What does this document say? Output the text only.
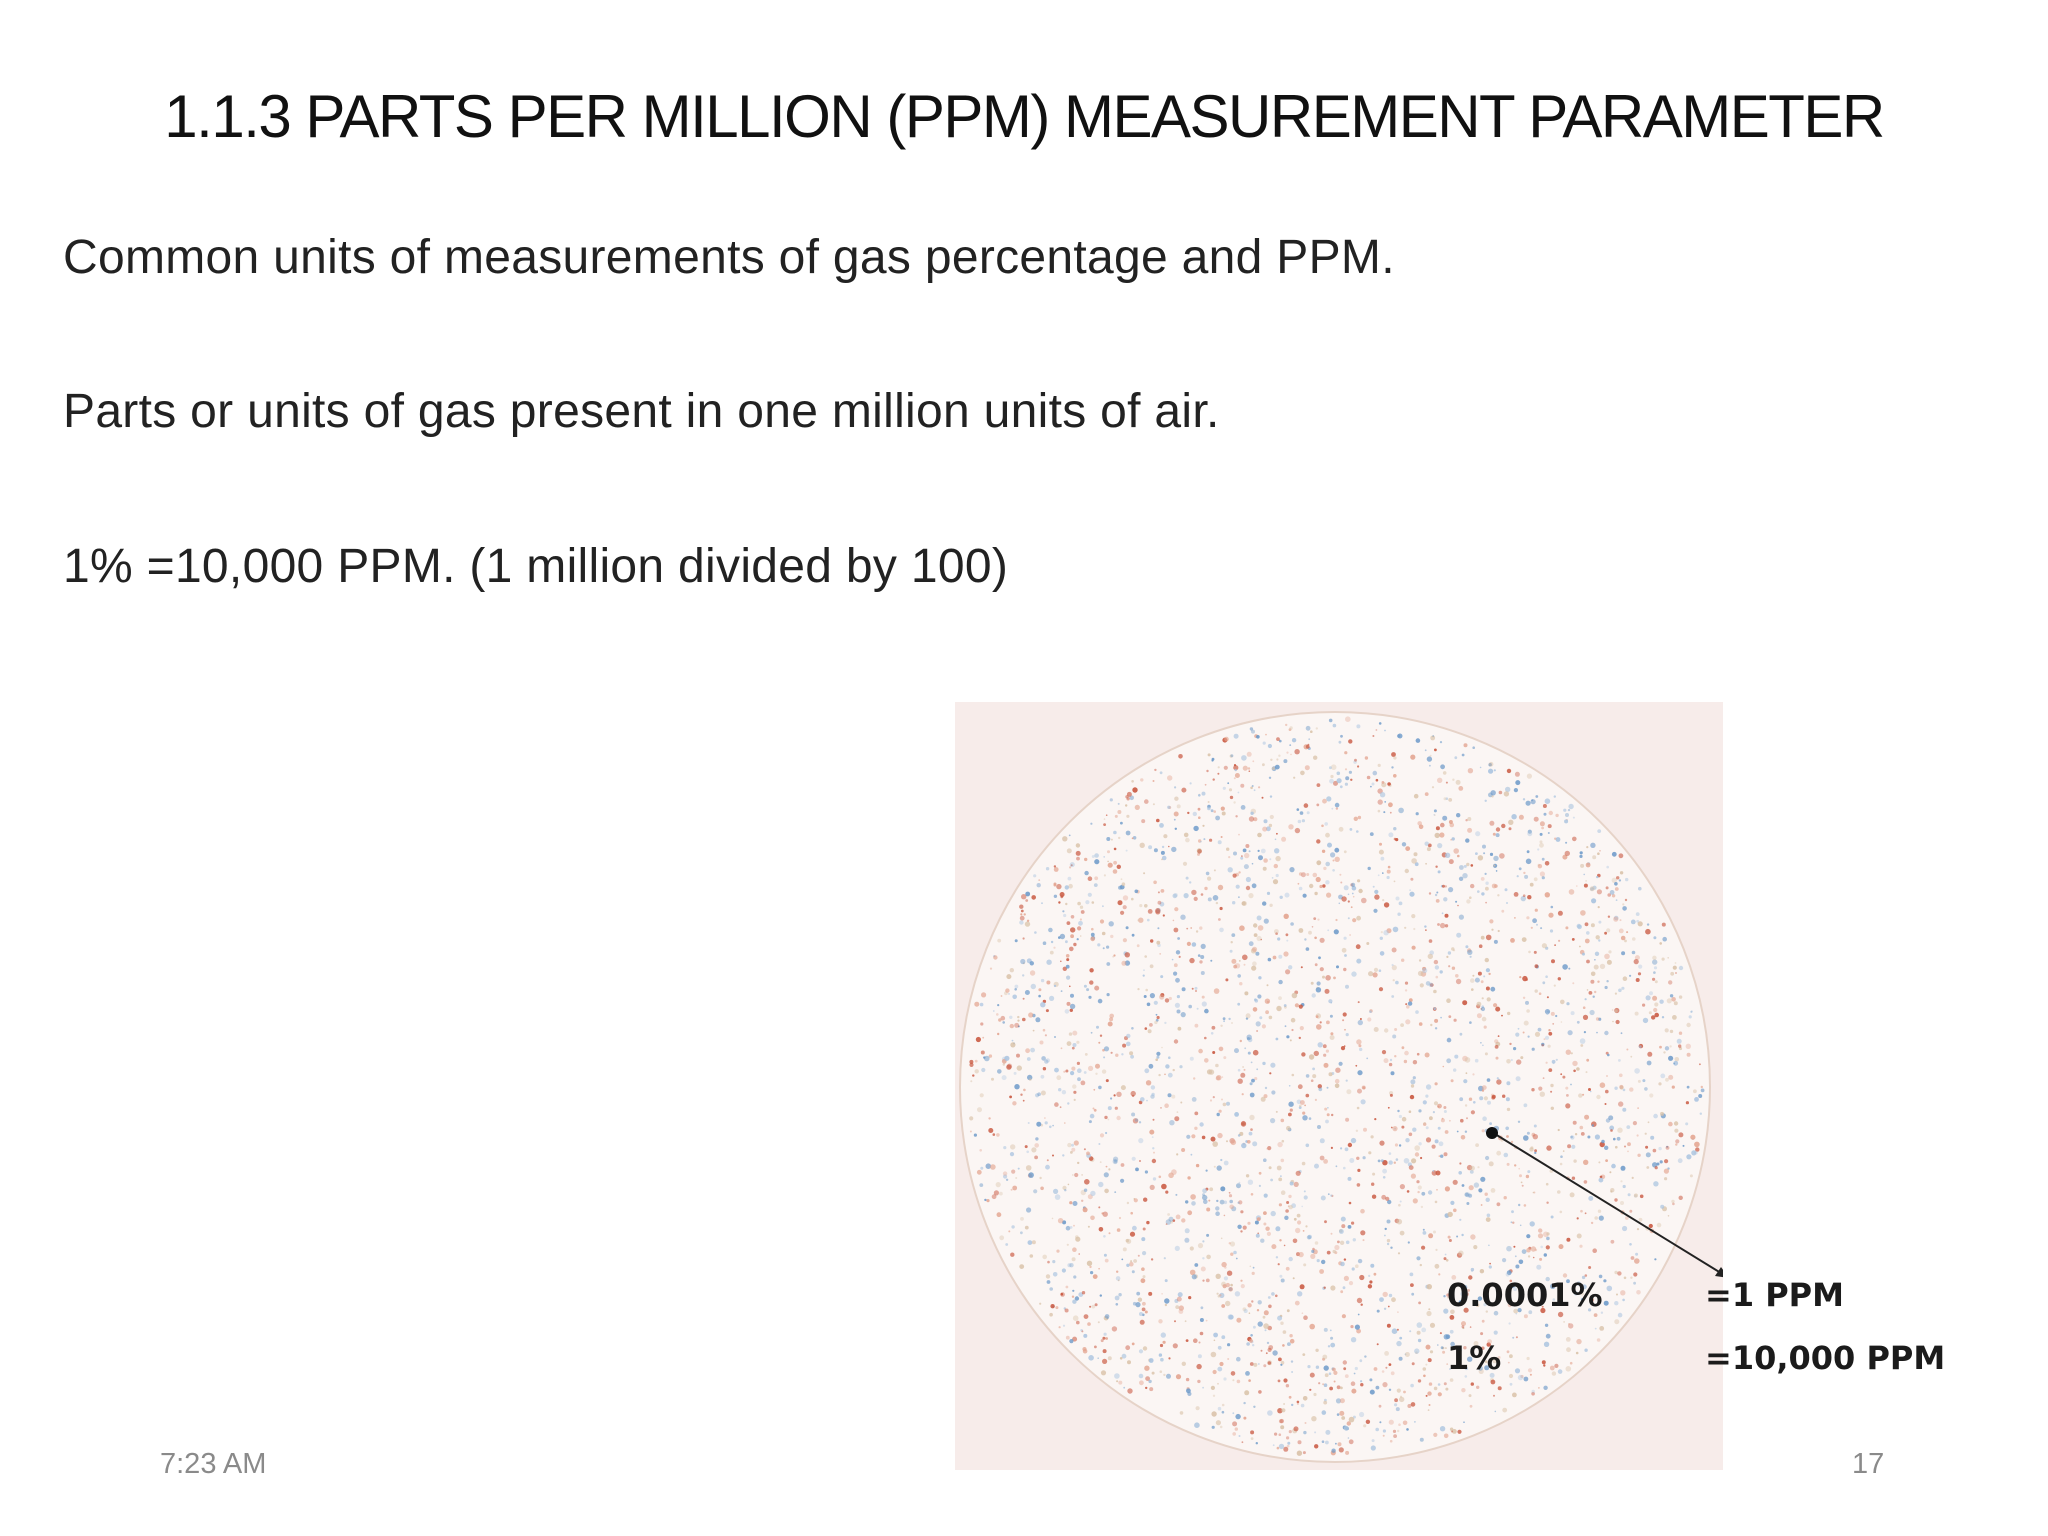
1.1.3 PARTS PER MILLION (PPM) MEASUREMENT PARAMETER

Common units of measurements of gas percentage and PPM.

Parts or units of gas present in one million units of air.

1% =10,000 PPM. (1 million divided by 100)

0.0001%	=1 PPM
1%	=10,000 PPM
7:23 AM	17
